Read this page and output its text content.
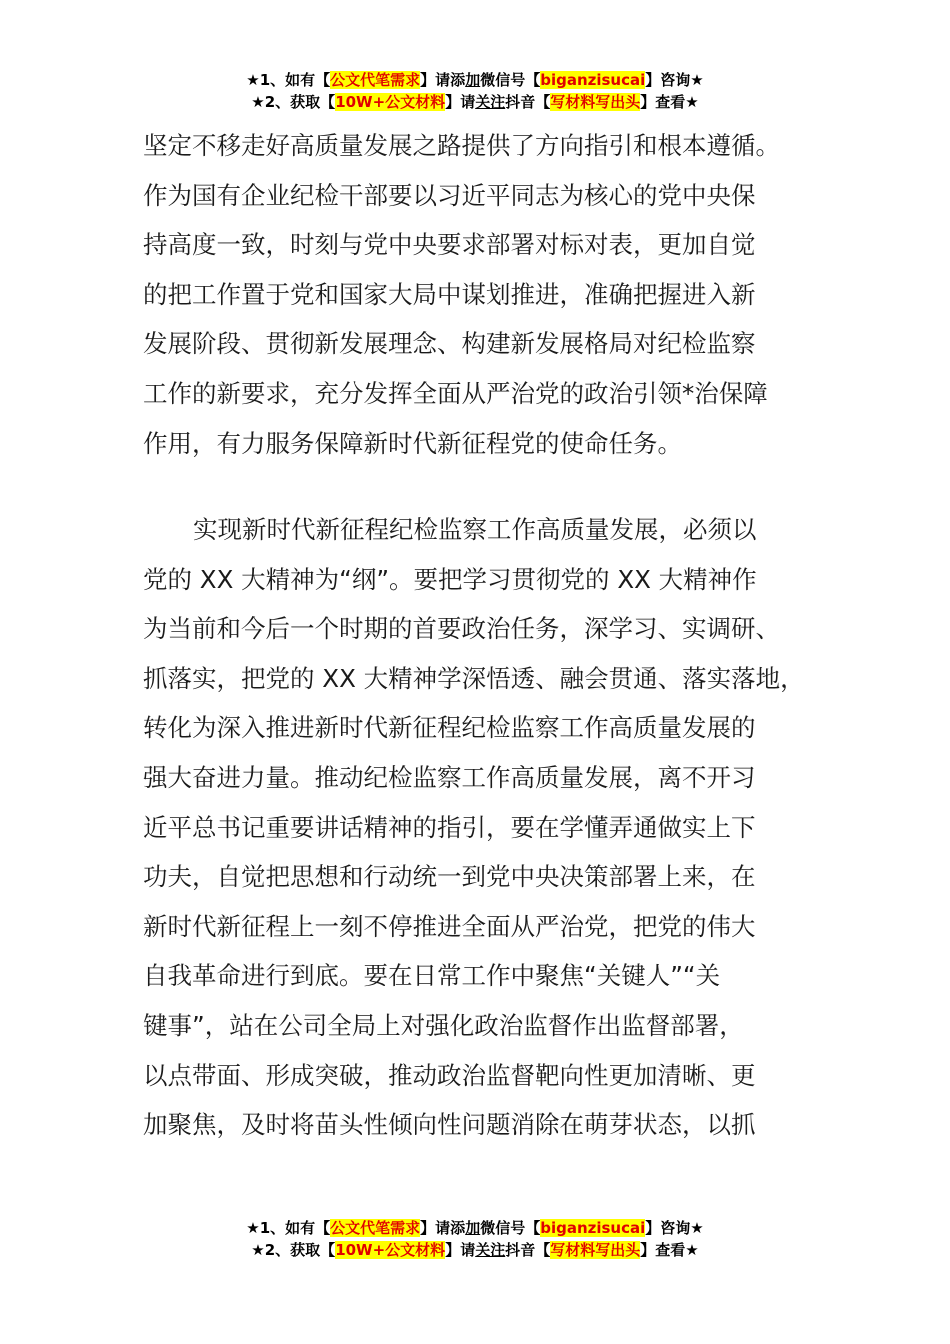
★1、如有【公文代笔需求】请添加微信号【biganzisucai】咨询★
★2、获取【10W+公文材料】请关注抖音【写材料写出头】查看★
坚定不移走好高质量发展之路提供了方向指引和根本遵循。
作为国有企业纪检干部要以习近平同志为核心的党中央保
持高度一致，时刻与党中央要求部署对标对表，更加自觉
的把工作置于党和国家大局中谋划推进，准确把握进入新
发展阶段、贯彻新发展理念、构建新发展格局对纪检监察
工作的新要求，充分发挥全面从严治党的政治引领*治保障
作用，有力服务保障新时代新征程党的使命任务。
实现新时代新征程纪检监察工作高质量发展，必须以
党的 XX 大精神为“纲”。要把学习贯彻党的 XX 大精神作
为当前和今后一个时期的首要政治任务，深学习、实调研、
抓落实，把党的 XX 大精神学深悟透、融会贯通、落实落地，
转化为深入推进新时代新征程纪检监察工作高质量发展的
强大奋进力量。推动纪检监察工作高质量发展，离不开习
近平总书记重要讲话精神的指引，要在学懂弄通做实上下
功夫，自觉把思想和行动统一到党中央决策部署上来，在
新时代新征程上一刻不停推进全面从严治党，把党的伟大
自我革命进行到底。要在日常工作中聚焦“关键人”“关
键事”，站在公司全局上对强化政治监督作出监督部署，
以点带面、形成突破，推动政治监督靶向性更加清晰、更
加聚焦，及时将苗头性倾向性问题消除在萌芽状态，以抓
★1、如有【公文代笔需求】请添加微信号【biganzisucai】咨询★
★2、获取【10W+公文材料】请关注抖音【写材料写出头】查看★
